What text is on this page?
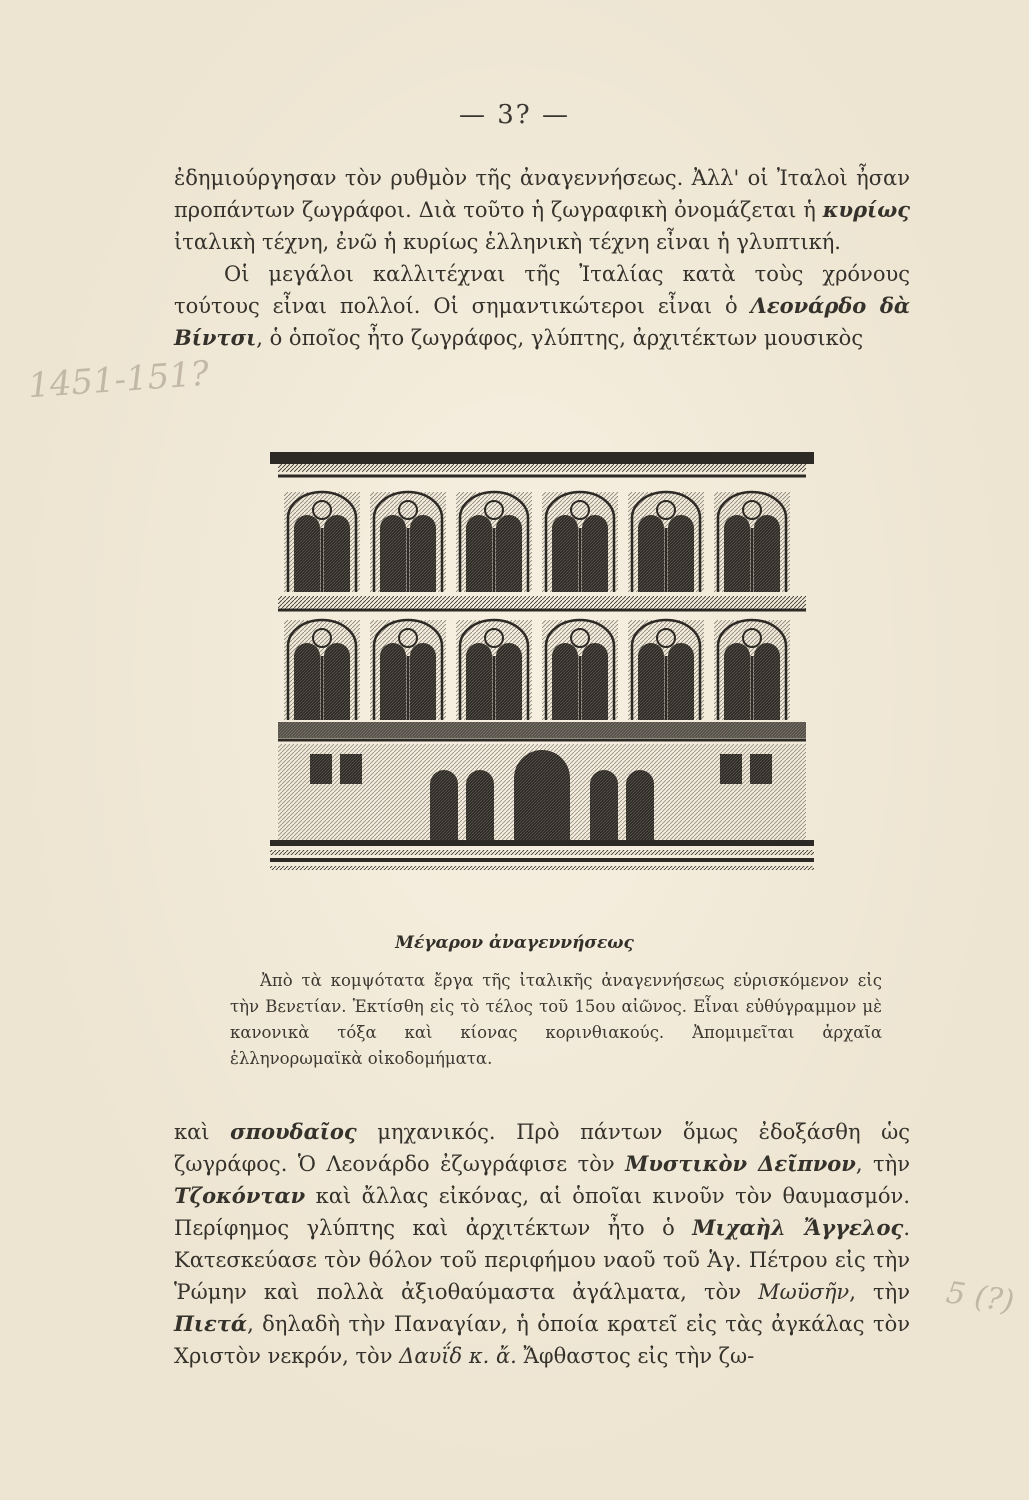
— 3? —
1451-151?
5 (?)

ἐδημιούργησαν τὸν ρυθμὸν τῆς ἀναγεννήσεως. Ἀλλ' οἱ Ἰταλοὶ ἦσαν προπάντων ζωγράφοι. Διὰ τοῦτο ἡ ζωγραφικὴ ὀνομάζεται ἡ κυρίως ἰταλικὴ τέχνη, ἐνῶ ἡ κυρίως ἑλληνικὴ τέχνη εἶναι ἡ γλυπτική.

Οἱ μεγάλοι καλλιτέχναι τῆς Ἰταλίας κατὰ τοὺς χρόνους τούτους εἶναι πολλοί. Οἱ σημαντικώτεροι εἶναι ὁ Λεονάρδο δὰ Βίντσι, ὁ ὁποῖος ἦτο ζωγράφος, γλύπτης, ἀρχιτέκτων μουσικὸς

Μέγαρον ἀναγεννήσεως

Ἀπὸ τὰ κομψότατα ἔργα τῆς ἰταλικῆς ἀναγεννήσεως εὑρισκόμενον εἰς τὴν Βενετίαν. Ἐκτίσθη εἰς τὸ τέλος τοῦ 15ου αἰῶνος. Εἶναι εὐθύγραμμον μὲ κανονικὰ τόξα καὶ κίονας κορινθιακούς. Ἀπομιμεῖται ἀρχαῖα ἑλληνορωμαϊκὰ οἰκοδομήματα.

καὶ σπουδαῖος μηχανικός. Πρὸ πάντων ὅμως ἐδοξάσθη ὡς ζωγράφος. Ὁ Λεονάρδο ἐζωγράφισε τὸν Μυστικὸν Δεῖπνον, τὴν Τζοκόνταν καὶ ἄλλας εἰκόνας, αἱ ὁποῖαι κινοῦν τὸν θαυμασμόν. Περίφημος γλύπτης καὶ ἀρχιτέκτων ἦτο ὁ Μιχαὴλ Ἄγγελος. Κατεσκεύασε τὸν θόλον τοῦ περιφήμου ναοῦ τοῦ Ἁγ. Πέτρου εἰς τὴν Ῥώμην καὶ πολλὰ ἀξιοθαύμαστα ἀγάλματα, τὸν Μωϋσῆν, τὴν Πιετά, δηλαδὴ τὴν Παναγίαν, ἡ ὁποία κρατεῖ εἰς τὰς ἀγκάλας τὸν Χριστὸν νεκρόν, τὸν Δαυΐδ κ. ἄ. Ἄφθαστος εἰς τὴν ζω-
